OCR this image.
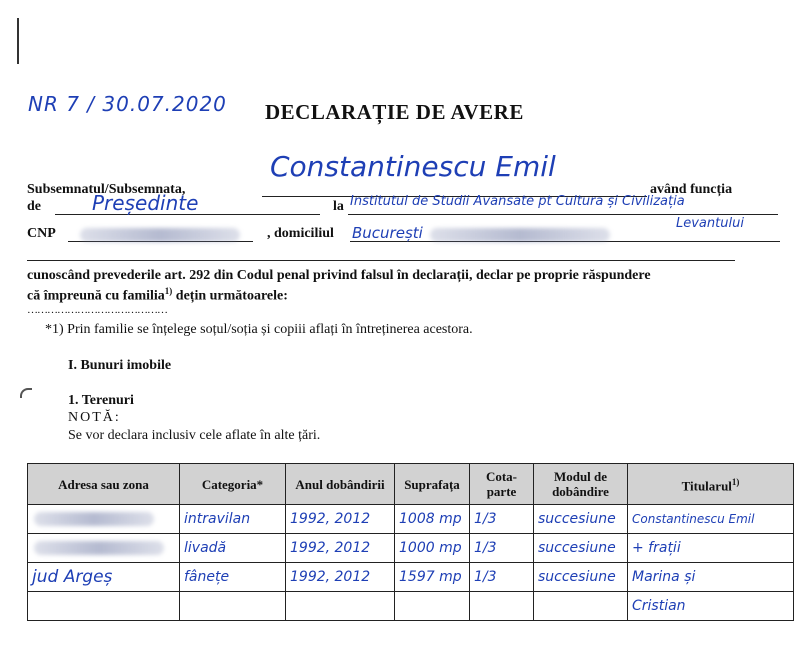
NR 7 / 30.07.2020 DECLARAȚIE DE AVERE
Subsemnatul/Subsemnata,
Constantinescu Emil
având funcția
de	Președinte	la Institutul de Studii Avansate pt Cultura și Civilizația
Levantului
CNP	, domiciliul București
cunoscând prevederile art. 292 din Codul penal privind falsul în declarații, declar pe proprie răspundere
că împreună cu familia$^{1)}$ dețin următoarele:
……………………………………
*1) Prin familie se înțelege soțul/soția și copiii aflați în întreținerea acestora.
I. Bunuri imobile
1. Terenuri
NOTĂ:
Se vor declara inclusiv cele aflate în alte țări.
Adresa sau zona	Categoria*	Anul dobândirii	Suprafața	Cota-parte	Modul de dobândire	Titularul$^{1)}$

	intravilan	1992, 2012	1008 mp	1/3	succesiune	Constantinescu Emil

	livadă	1992, 2012	1000 mp	1/3	succesiune	+ frații
jud Argeș	fânețe	1992, 2012	1597 mp	1/3	succesiune	Marina și
						Cristian
